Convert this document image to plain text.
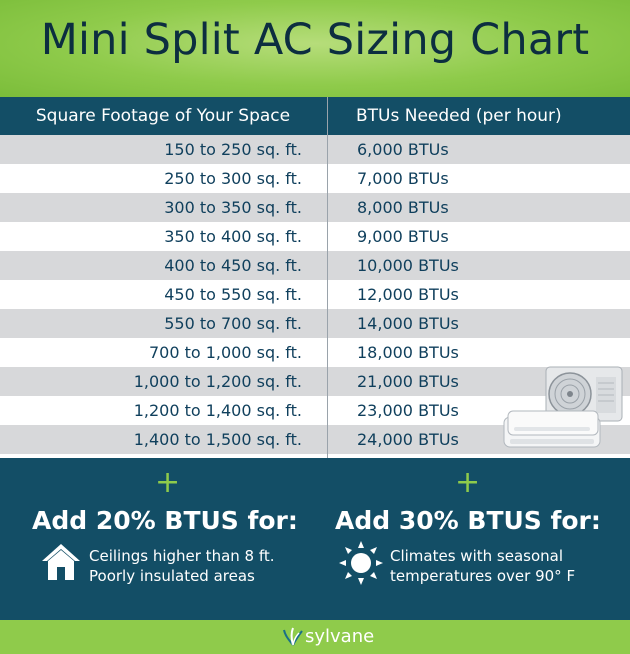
Mini Split AC Sizing Chart
Square Footage of Your Space	BTUs Needed (per hour)
150 to 250 sq. ft.	6,000 BTUs
250 to 300 sq. ft.	7,000 BTUs
300 to 350 sq. ft.	8,000 BTUs
350 to 400 sq. ft.	9,000 BTUs
400 to 450 sq. ft.	10,000 BTUs
450 to 550 sq. ft.	12,000 BTUs
550 to 700 sq. ft.	14,000 BTUs
700 to 1,000 sq. ft.	18,000 BTUs
1,000 to 1,200 sq. ft.	21,000 BTUs
1,200 to 1,400 sq. ft.	23,000 BTUs
1,400 to 1,500 sq. ft.	24,000 BTUs
+	+
Add 20% BTUS for: Add 30% BTUS for:
Ceilings higher than 8 ft.
Poorly insulated areas
Climates with seasonal
temperatures over 90° F
sylvane
